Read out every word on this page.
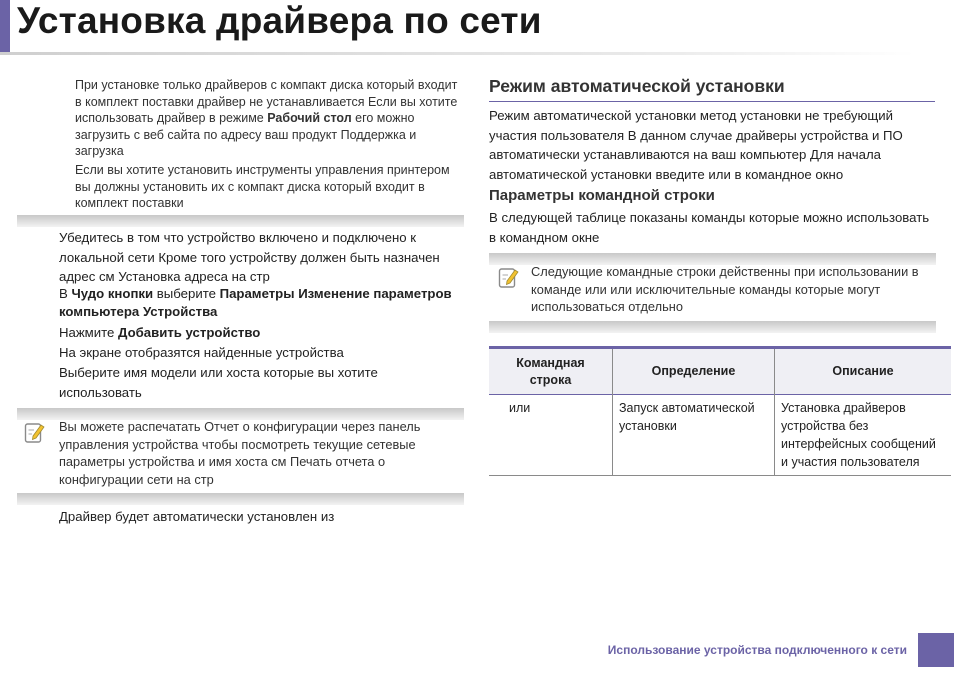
Установка драйвера по сети
При установке только драйверов с компакт диска который входит в комплект поставки драйвер не устанавливается Если вы хотите использовать драйвер в режиме Рабочий стол его можно загрузить с веб сайта по адресу ваш продукт Поддержка и загрузка
Если вы хотите установить инструменты управления принтером вы должны установить их с компакт диска который входит в комплект поставки
Убедитесь в том что устройство включено и подключено к локальной сети Кроме того устройству должен быть назначен адрес см Установка адреса на стр
В Чудо кнопки выберите Параметры Изменение параметров компьютера Устройства
Нажмите Добавить устройство
На экране отобразятся найденные устройства
Выберите имя модели или хоста которые вы хотите использовать
Вы можете распечатать Отчет о конфигурации через панель управления устройства чтобы посмотреть текущие сетевые параметры устройства и имя хоста см Печать отчета о конфигурации сети на стр
Драйвер будет автоматически установлен из
Режим автоматической установки
Режим автоматической установки метод установки не требующий участия пользователя В данном случае драйверы устройства и ПО автоматически устанавливаются на ваш компьютер Для начала автоматической установки введите или в командное окно
Параметры командной строки
В следующей таблице показаны команды которые можно использовать в командном окне
Следующие командные строки действенны при использовании в команде или или исключительные команды которые могут использоваться отдельно
Командная строка	Определение	Описание
или	Запуск автоматической установки	Установка драйверов устройства без интерфейсных сообщений и участия пользователя
Использование устройства подключенного к сети
